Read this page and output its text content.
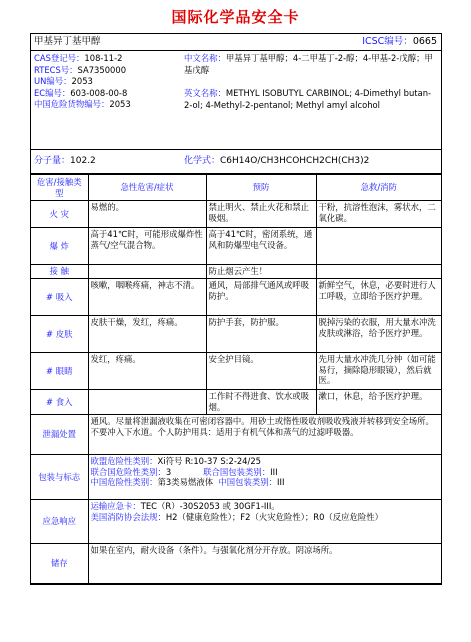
国际化学品安全卡
甲基异丁基甲醇	ICSC编号：0665
CAS登记号：108-11-2
RTECS号：SA7350000
UN编号：2053
EC编号：603-008-00-8
中国危险货物编号：2053
中文名称：甲基异丁基甲醇；4-二甲基丁-2-醇；4-甲基-2-戊醇；甲基戊醇
英文名称：METHYL ISOBUTYL CARBINOL; 4-Dimethyl butan-2-ol; 4-Methyl-2-pentanol; Methyl amyl alcohol
分子量：102.2	化学式：C6H14O/CH3HCOHCH2CH(CH3)2
危害/接触类型	急性危害/症状	预防	急救/消防
火 灾	易燃的。	禁止明火、禁止火花和禁止吸烟。	干粉，抗溶性泡沫，雾状水，二氧化碳。
爆 炸	高于41℃时，可能形成爆炸性蒸气/空气混合物。	高于41℃时，密闭系统，通风和防爆型电气设备。	
接 触		防止烟云产生！	
# 吸入	咳嗽，咽喉疼痛，神志不清。	通风，局部排气通风或呼吸防护。	新鲜空气，休息，必要时进行人工呼吸，立即给予医疗护理。
# 皮肤	皮肤干燥，发红，疼痛。	防护手套，防护服。	脱掉污染的衣服，用大量水冲洗皮肤或淋浴，给予医疗护理。
# 眼睛	发红，疼痛。	安全护目镜。	先用大量水冲洗几分钟（如可能易行，摘除隐形眼镜），然后就医。
# 食入		工作时不得进食、饮水或吸烟。	漱口，休息，给予医疗护理。
泄漏处置	通风。尽量将泄漏液收集在可密闭容器中。用砂土或惰性吸收剂吸收残液并转移到安全场所。不要冲入下水道。个人防护用具：适用于有机气体和蒸气的过滤呼吸器。		
包装与标志	欧盟危险性类别：Xi符号 R:10-37 S:2-24/25
联合国危险性类别：3 联合国包装类别：III
中国危险性类别：第3类易燃液体 中国包装类别：III		

应急响应	运输应急卡：TEC（R）-30S2053 或 30GF1-III。
美国消防协会法规：H2（健康危险性）；F2（火灾危险性）；R0（反应危险性）		

储存	如果在室内，耐火设备（条件）。与强氧化剂分开存放。阴凉场所。		
